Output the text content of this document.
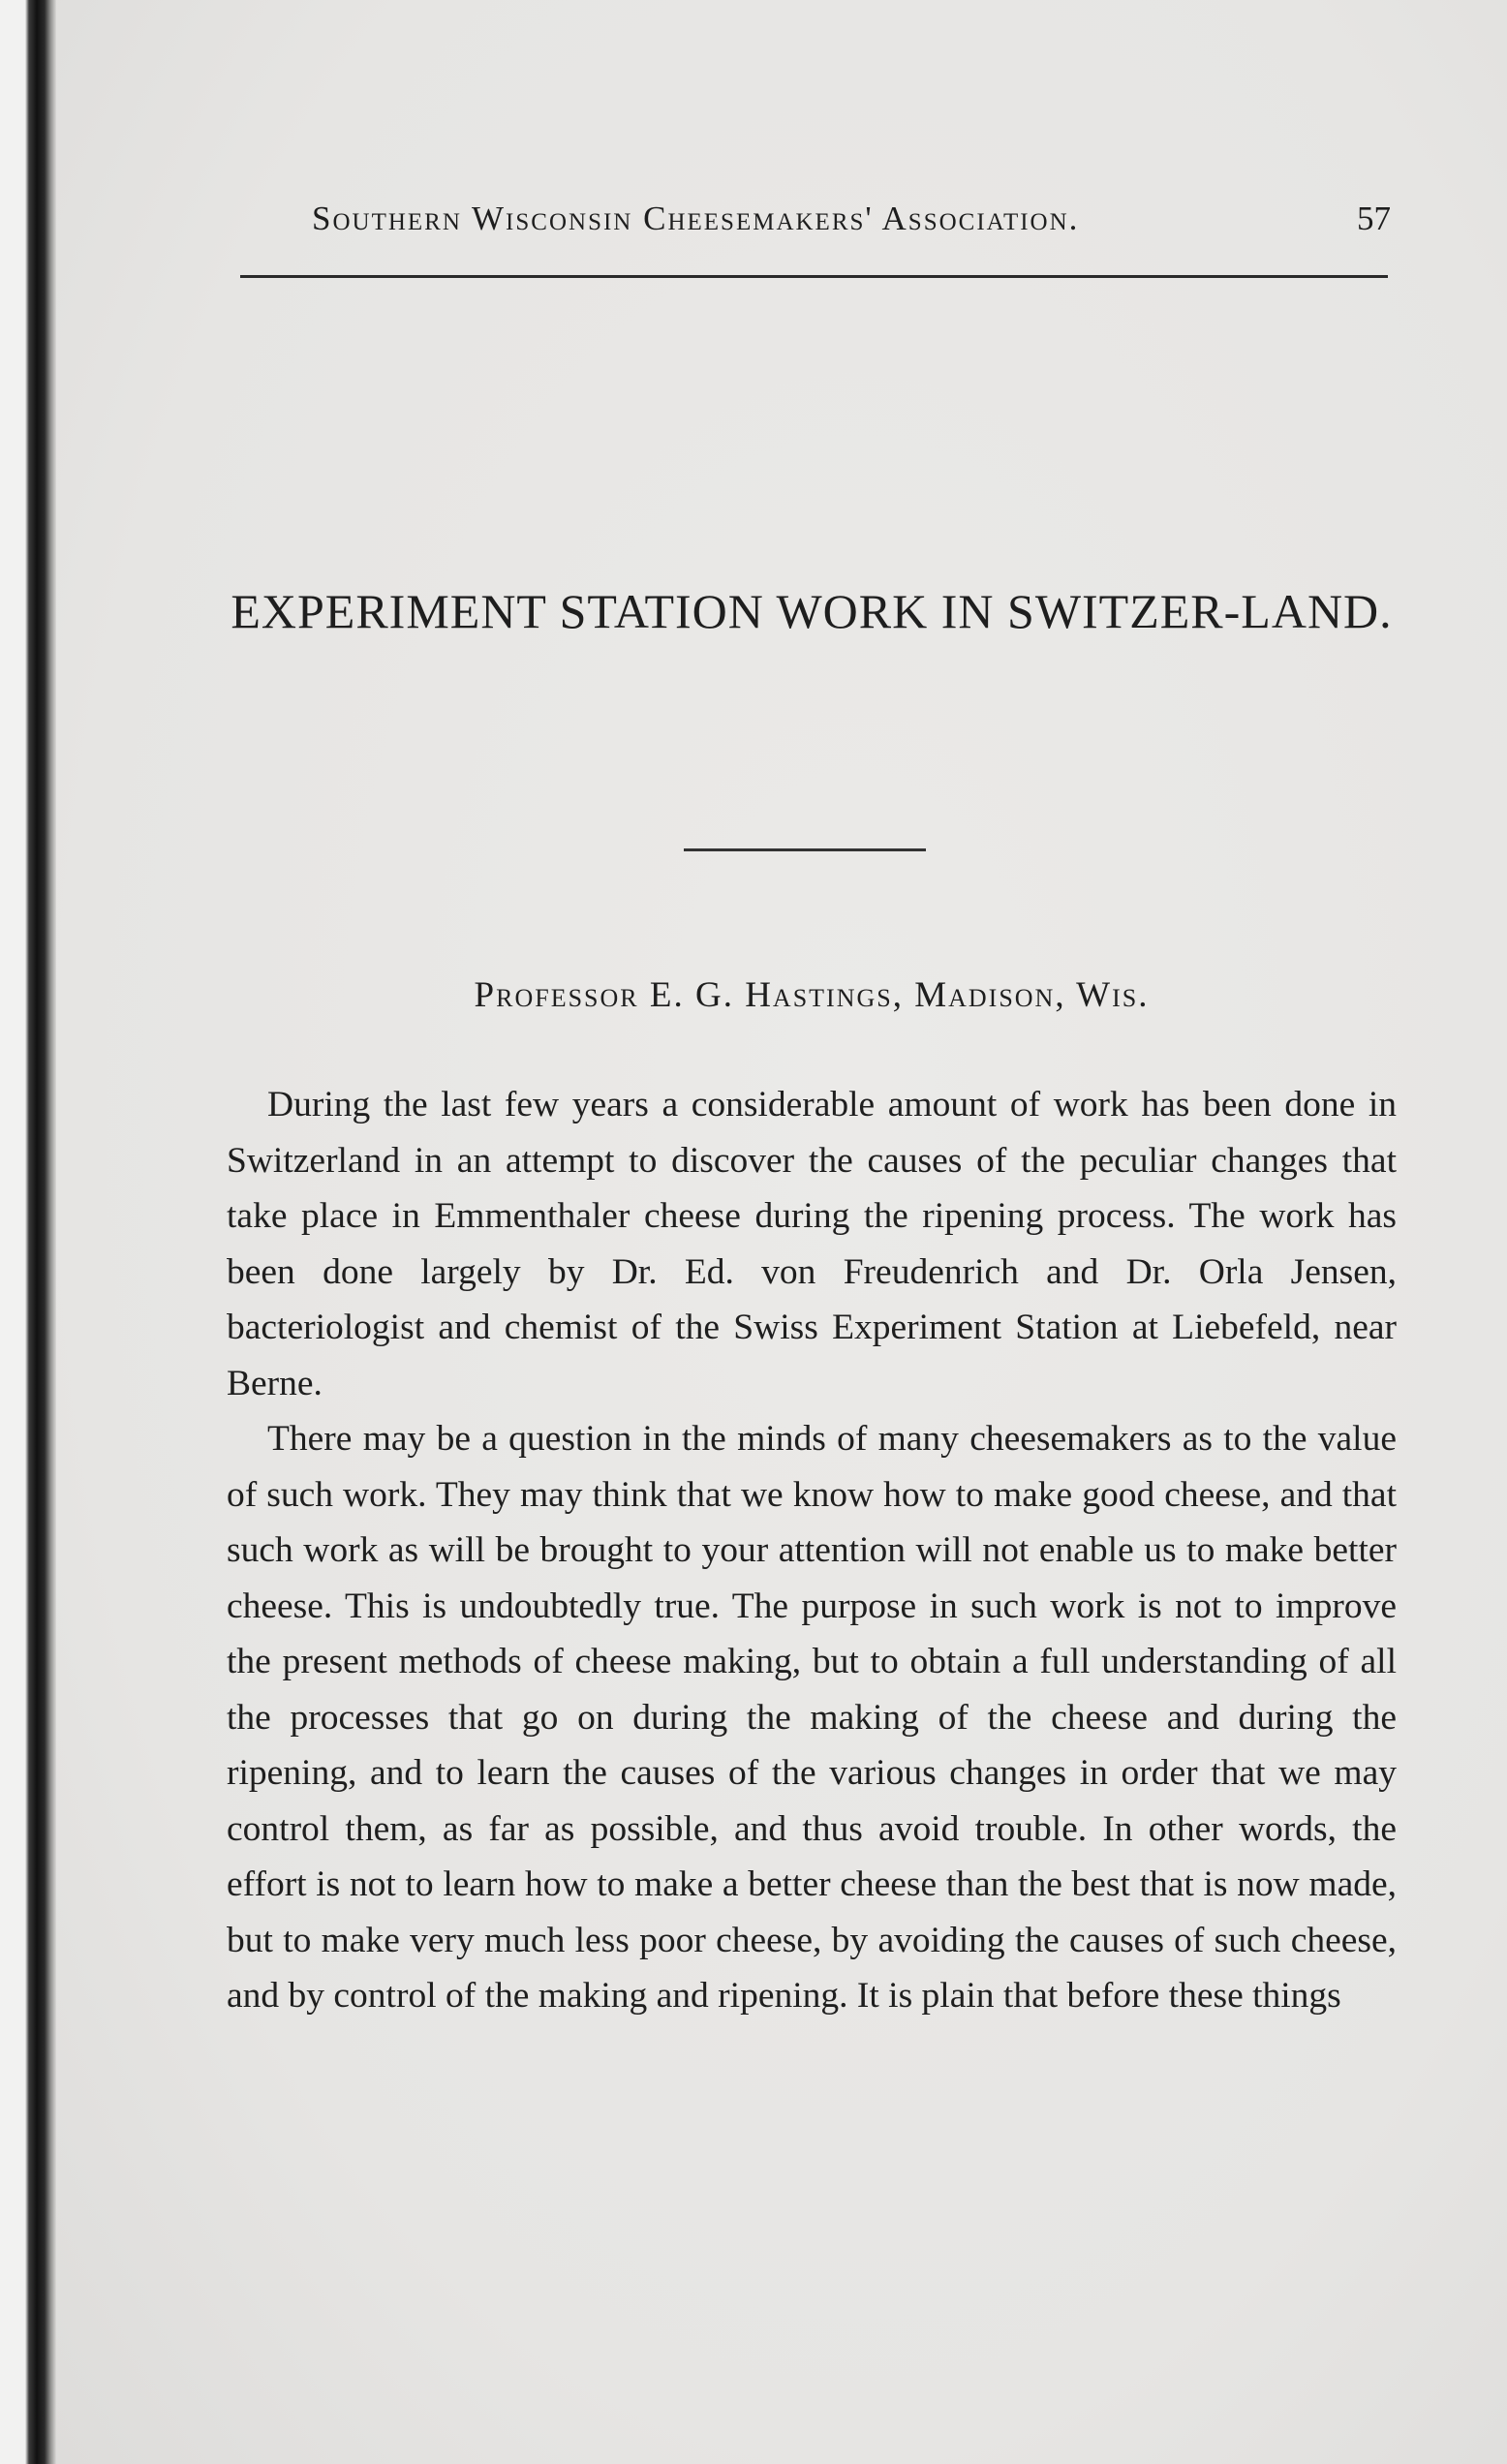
Southern Wisconsin Cheesemakers' Association.	57
EXPERIMENT STATION WORK IN SWITZER-LAND.
Professor E. G. Hastings, Madison, Wis.

During the last few years a considerable amount of work has been done in Switzerland in an attempt to discover the causes of the peculiar changes that take place in Emmenthaler cheese during the ripening process. The work has been done largely by Dr. Ed. von Freudenrich and Dr. Orla Jensen, bacteriologist and chemist of the Swiss Experiment Station at Liebefeld, near Berne.

There may be a question in the minds of many cheesemakers as to the value of such work. They may think that we know how to make good cheese, and that such work as will be brought to your attention will not enable us to make better cheese. This is undoubtedly true. The purpose in such work is not to improve the present methods of cheese making, but to obtain a full understanding of all the processes that go on during the making of the cheese and during the ripening, and to learn the causes of the various changes in order that we may control them, as far as possible, and thus avoid trouble. In other words, the effort is not to learn how to make a better cheese than the best that is now made, but to make very much less poor cheese, by avoiding the causes of such cheese, and by control of the making and ripening. It is plain that before these things
